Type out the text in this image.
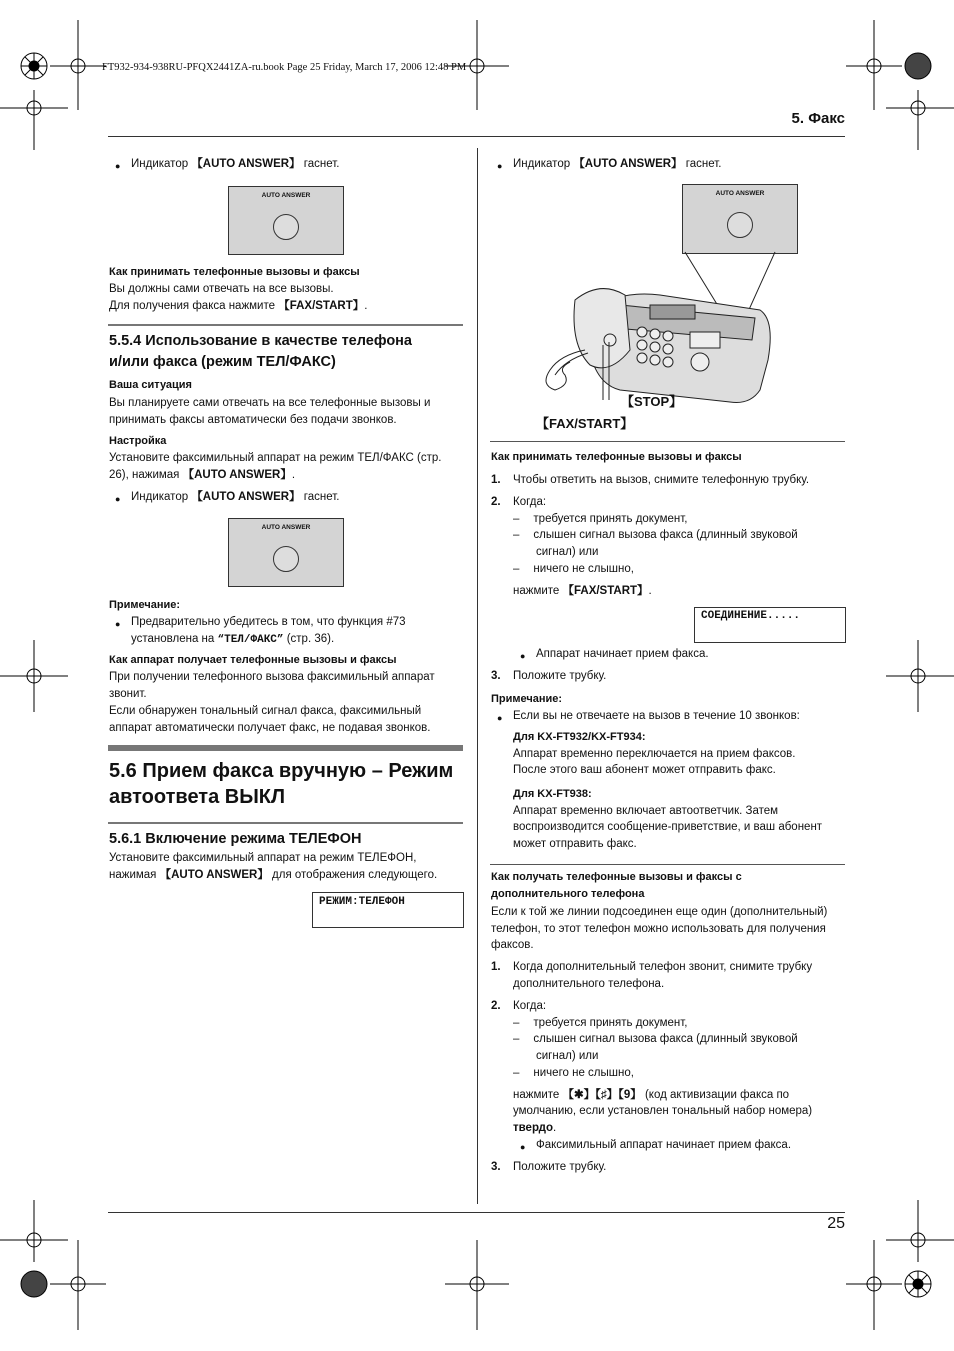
FT932-934-938RU-PFQX2441ZA-ru.book Page 25 Friday, March 17, 2006 12:48 PM
5. Факс
Индикатор 【AUTO ANSWER】 гаснет.
AUTO ANSWER
Как принимать телефонные вызовы и факсы
Вы должны сами отвечать на все вызовы.
Для получения факса нажмите 【FAX/START】.
5.5.4 Использование в качестве телефона
и/или факса (режим ТЕЛ/ФАКС)
Ваша ситуация
Вы планируете сами отвечать на все телефонные вызовы и
принимать факсы автоматически без подачи звонков.
Настройка
Установите факсимильный аппарат на режим ТЕЛ/ФАКС (стр.
26), нажимая 【AUTO ANSWER】.
Индикатор 【AUTO ANSWER】 гаснет.
AUTO ANSWER
Примечание:
Предварительно убедитесь в том, что функция #73
установлена на “ТЕЛ/ФАКС” (стр. 36).
Как аппарат получает телефонные вызовы и факсы
При получении телефонного вызова факсимильный аппарат
звонит.
Если обнаружен тональный сигнал факса, факсимильный
аппарат автоматически получает факс, не подавая звонков.
5.6 Прием факса вручную – Режим
автоответа ВЫКЛ
5.6.1 Включение режима ТЕЛЕФОН
Установите факсимильный аппарат на режим ТЕЛЕФОН,
нажимая 【AUTO ANSWER】 для отображения следующего.
РЕЖИМ:ТЕЛЕФОН
Индикатор 【AUTO ANSWER】 гаснет.
AUTO ANSWER
【STOP】
【FAX/START】
Как принимать телефонные вызовы и факсы
1. Чтобы ответить на вызов, снимите телефонную трубку.
2. Когда:
– требуется принять документ,
– слышен сигнал вызова факса (длинный звуковой
сигнал) или
– ничего не слышно,
нажмите 【FAX/START】.
СОЕДИНЕНИЕ.....
Аппарат начинает прием факса.
3. Положите трубку.
Примечание:
Если вы не отвечаете на вызов в течение 10 звонков:
Для KX-FT932/KX-FT934:
Аппарат временно переключается на прием факсов.
После этого ваш абонент может отправить факс.
Для KX-FT938:
Аппарат временно включает автоответчик. Затем
воспроизводится сообщение-приветствие, и ваш абонент
может отправить факс.
Как получать телефонные вызовы и факсы с
дополнительного телефона
Если к той же линии подсоединен еще один (дополнительный)
телефон, то этот телефон можно использовать для получения
факсов.
1. Когда дополнительный телефон звонит, снимите трубку
дополнительного телефона.
2. Когда:
– требуется принять документ,
– слышен сигнал вызова факса (длинный звуковой
сигнал) или
– ничего не слышно,
нажмите 【✱】【♯】【9】 (код активизации факса по
умолчанию, если установлен тональный набор номера)
твердо.
Факсимильный аппарат начинает прием факса.
3. Положите трубку.
25
